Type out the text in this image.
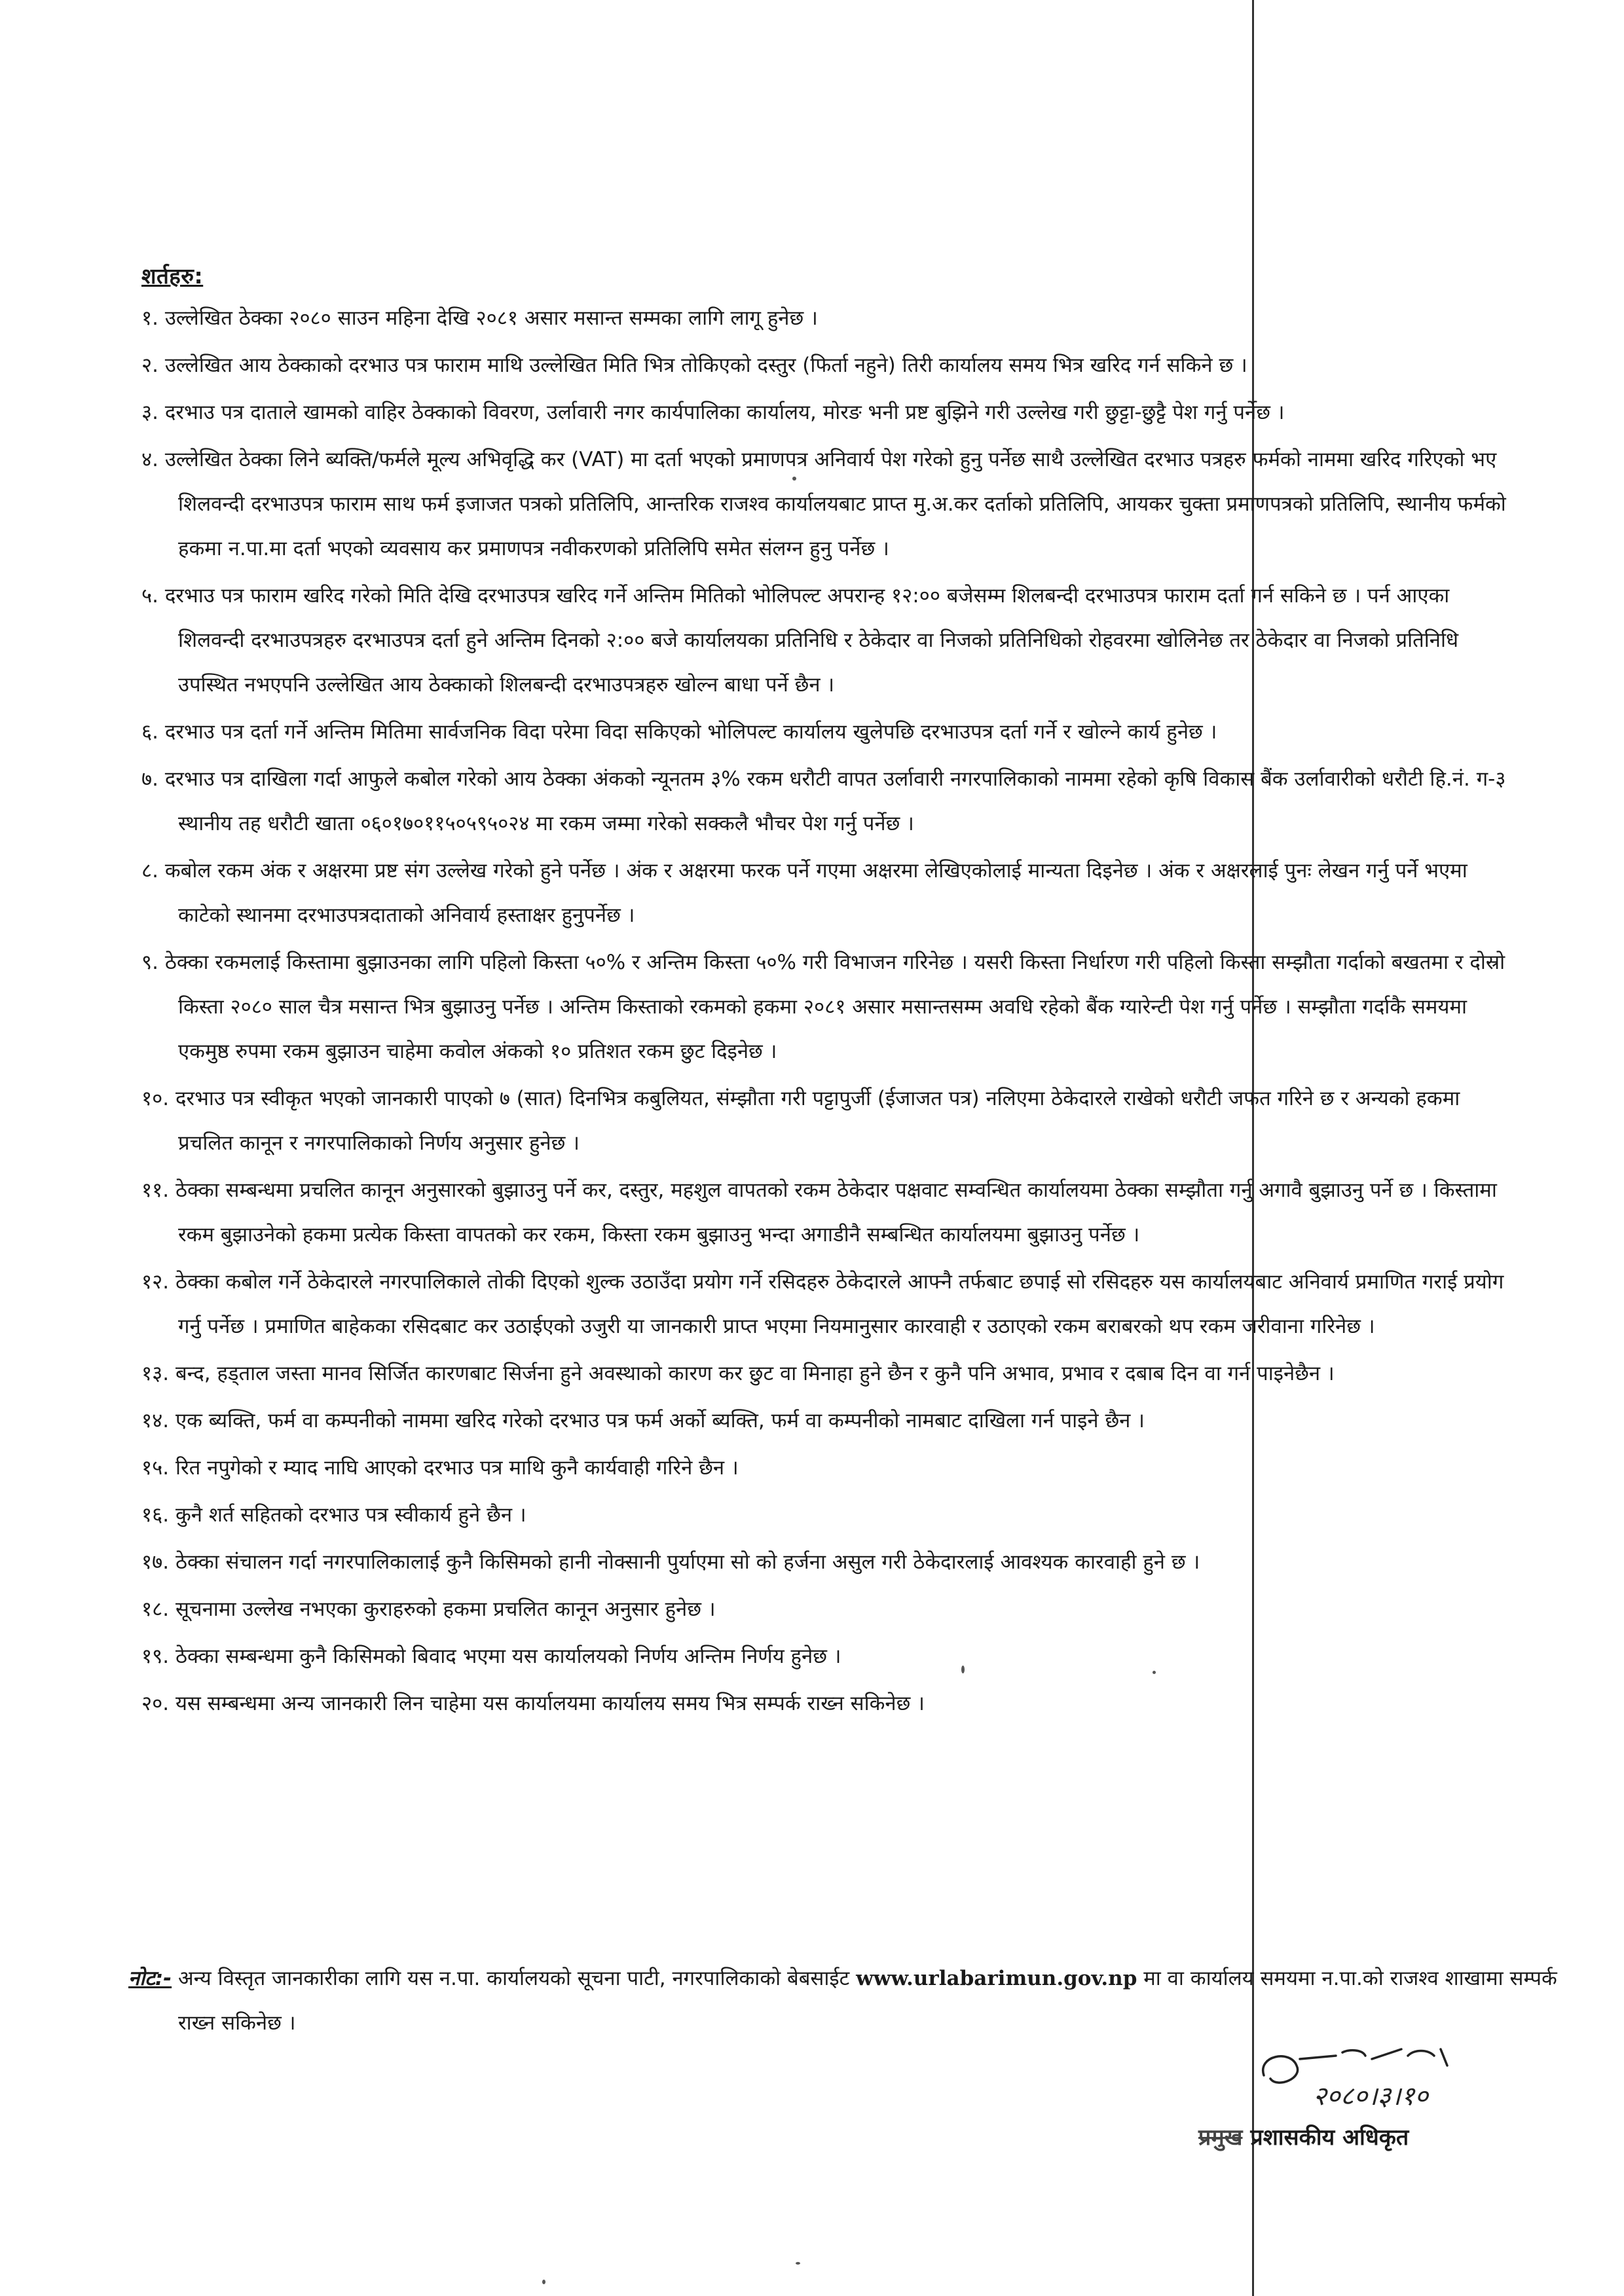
शर्तहरु:
१. उल्लेखित ठेक्का २०८० साउन महिना देखि २०८१ असार मसान्त सम्मका लागि लागू हुनेछ ।
२. उल्लेखित आय ठेक्काको दरभाउ पत्र फाराम माथि उल्लेखित मिति भित्र तोकिएको दस्तुर (फिर्ता नहुने) तिरी कार्यालय समय भित्र खरिद गर्न सकिने छ ।
३. दरभाउ पत्र दाताले खामको वाहिर ठेक्काको विवरण, उर्लावारी नगर कार्यपालिका कार्यालय, मोरङ भनी प्रष्ट बुझिने गरी उल्लेख गरी छुट्टा-छुट्टै पेश गर्नु पर्नेछ ।
४. उल्लेखित ठेक्का लिने ब्यक्ति/फर्मले मूल्य अभिवृद्धि कर (VAT) मा दर्ता भएको प्रमाणपत्र अनिवार्य पेश गरेको हुनु पर्नेछ साथै उल्लेखित दरभाउ पत्रहरु फर्मको नाममा खरिद गरिएको भए शिलवन्दी दरभाउपत्र फाराम साथ फर्म इजाजत पत्रको प्रतिलिपि, आन्तरिक राजश्व कार्यालयबाट प्राप्त मु.अ.कर दर्ताको प्रतिलिपि, आयकर चुक्ता प्रमाणपत्रको प्रतिलिपि, स्थानीय फर्मको हकमा न.पा.मा दर्ता भएको व्यवसाय कर प्रमाणपत्र नवीकरणको प्रतिलिपि समेत संलग्न हुनु पर्नेछ ।
५. दरभाउ पत्र फाराम खरिद गरेको मिति देखि दरभाउपत्र खरिद गर्ने अन्तिम मितिको भोलिपल्ट अपरान्ह १२:०० बजेसम्म शिलबन्दी दरभाउपत्र फाराम दर्ता गर्न सकिने छ । पर्न आएका शिलवन्दी दरभाउपत्रहरु दरभाउपत्र दर्ता हुने अन्तिम दिनको २:०० बजे कार्यालयका प्रतिनिधि र ठेकेदार वा निजको प्रतिनिधिको रोहवरमा खोलिनेछ तर ठेकेदार वा निजको प्रतिनिधि उपस्थित नभएपनि उल्लेखित आय ठेक्काको शिलबन्दी दरभाउपत्रहरु खोल्न बाधा पर्ने छैन ।
६. दरभाउ पत्र दर्ता गर्ने अन्तिम मितिमा सार्वजनिक विदा परेमा विदा सकिएको भोलिपल्ट कार्यालय खुलेपछि दरभाउपत्र दर्ता गर्ने र खोल्ने कार्य हुनेछ ।
७. दरभाउ पत्र दाखिला गर्दा आफुले कबोल गरेको आय ठेक्का अंकको न्यूनतम ३% रकम धरौटी वापत उर्लावारी नगरपालिकाको नाममा रहेको कृषि विकास बैंक उर्लावारीको धरौटी हि.नं. ग-३ स्थानीय तह धरौटी खाता ०६०१७०११५०५९५०२४ मा रकम जम्मा गरेको सक्कलै भौचर पेश गर्नु पर्नेछ ।
८. कबोल रकम अंक र अक्षरमा प्रष्ट संग उल्लेख गरेको हुने पर्नेछ । अंक र अक्षरमा फरक पर्ने गएमा अक्षरमा लेखिएकोलाई मान्यता दिइनेछ । अंक र अक्षरलाई पुनः लेखन गर्नु पर्ने भएमा काटेको स्थानमा दरभाउपत्रदाताको अनिवार्य हस्ताक्षर हुनुपर्नेछ ।
९. ठेक्का रकमलाई किस्तामा बुझाउनका लागि पहिलो किस्ता ५०% र अन्तिम किस्ता ५०% गरी विभाजन गरिनेछ । यसरी किस्ता निर्धारण गरी पहिलो किस्ता सम्झौता गर्दाको बखतमा र दोस्रो किस्ता २०८० साल चैत्र मसान्त भित्र बुझाउनु पर्नेछ । अन्तिम किस्ताको रकमको हकमा २०८१ असार मसान्तसम्म अवधि रहेको बैंक ग्यारेन्टी पेश गर्नु पर्नेछ । सम्झौता गर्दाकै समयमा एकमुष्ठ रुपमा रकम बुझाउन चाहेमा कवोल अंकको १० प्रतिशत रकम छुट दिइनेछ ।
१०. दरभाउ पत्र स्वीकृत भएको जानकारी पाएको ७ (सात) दिनभित्र कबुलियत, संम्झौता गरी पट्टापुर्जी (ईजाजत पत्र) नलिएमा ठेकेदारले राखेको धरौटी जफत गरिने छ र अन्यको हकमा प्रचलित कानून र नगरपालिकाको निर्णय अनुसार हुनेछ ।
११. ठेक्का सम्बन्धमा प्रचलित कानून अनुसारको बुझाउनु पर्ने कर, दस्तुर, महशुल वापतको रकम ठेकेदार पक्षवाट सम्वन्धित कार्यालयमा ठेक्का सम्झौता गर्नु अगावै बुझाउनु पर्ने छ । किस्तामा रकम बुझाउनेको हकमा प्रत्येक किस्ता वापतको कर रकम, किस्ता रकम बुझाउनु भन्दा अगाडीनै सम्बन्धित कार्यालयमा बुझाउनु पर्नेछ ।
१२. ठेक्का कबोल गर्ने ठेकेदारले नगरपालिकाले तोकी दिएको शुल्क उठाउँदा प्रयोग गर्ने रसिदहरु ठेकेदारले आफ्नै तर्फबाट छपाई सो रसिदहरु यस कार्यालयबाट अनिवार्य प्रमाणित गराई प्रयोग गर्नु पर्नेछ । प्रमाणित बाहेकका रसिदबाट कर उठाईएको उजुरी या जानकारी प्राप्त भएमा नियमानुसार कारवाही र उठाएको रकम बराबरको थप रकम जरीवाना गरिनेछ ।
१३. बन्द, हड्ताल जस्ता मानव सिर्जित कारणबाट सिर्जना हुने अवस्थाको कारण कर छुट वा मिनाहा हुने छैन र कुनै पनि अभाव, प्रभाव र दबाब दिन वा गर्न पाइनेछैन ।
१४. एक ब्यक्ति, फर्म वा कम्पनीको नाममा खरिद गरेको दरभाउ पत्र फर्म अर्को ब्यक्ति, फर्म वा कम्पनीको नामबाट दाखिला गर्न पाइने छैन ।
१५. रित नपुगेको र म्याद नाघि आएको दरभाउ पत्र माथि कुनै कार्यवाही गरिने छैन ।
१६. कुनै शर्त सहितको दरभाउ पत्र स्वीकार्य हुने छैन ।
१७. ठेक्का संचालन गर्दा नगरपालिकालाई कुनै किसिमको हानी नोक्सानी पुर्याएमा सो को हर्जना असुल गरी ठेकेदारलाई आवश्यक कारवाही हुने छ ।
१८. सूचनामा उल्लेख नभएका कुराहरुको हकमा प्रचलित कानून अनुसार हुनेछ ।
१९. ठेक्का सम्बन्धमा कुनै किसिमको बिवाद भएमा यस कार्यालयको निर्णय अन्तिम निर्णय हुनेछ ।
२०. यस सम्बन्धमा अन्य जानकारी लिन चाहेमा यस कार्यालयमा कार्यालय समय भित्र सम्पर्क राख्न सकिनेछ ।
नोट:- अन्य विस्तृत जानकारीका लागि यस न.पा. कार्यालयको सूचना पाटी, नगरपालिकाको बेबसाईट www.urlabarimun.gov.np मा वा कार्यालय समयमा न.पा.को राजश्व शाखामा सम्पर्क राख्न सकिनेछ ।
२०८०।३।१०
प्रमुख प्रशासकीय अधिकृत
